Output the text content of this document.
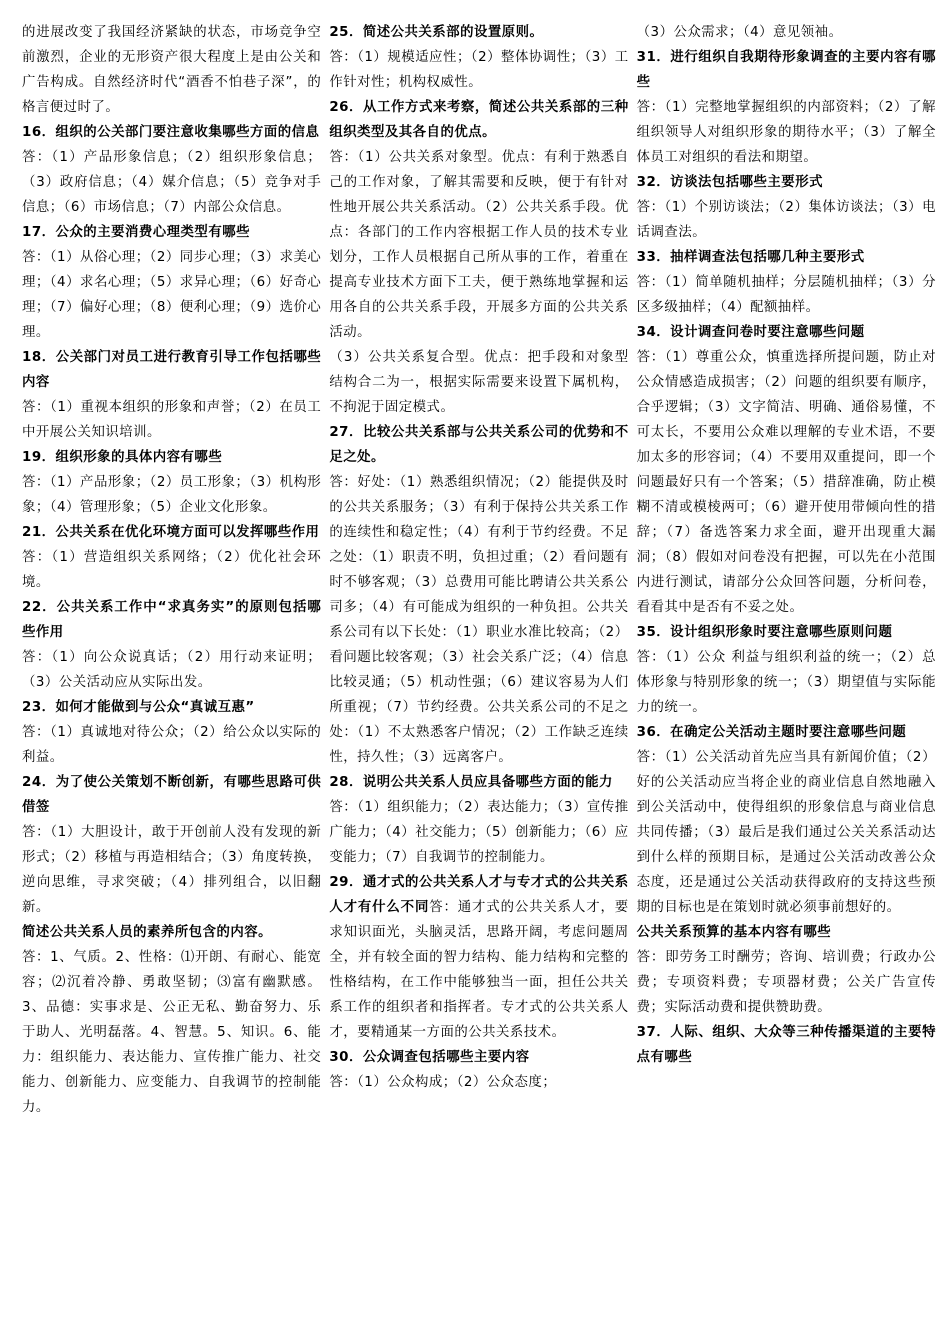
的进展改变了我国经济紧缺的状态，市场竞争空前激烈，企业的无形资产很大程度上是由公关和广告构成。自然经济时代“酒香不怕巷子深”，的格言便过时了。

16．组织的公关部门要注意收集哪些方面的信息

答：（1）产品形象信息；（2）组织形象信息；（3）政府信息；（4）媒介信息；（5）竞争对手信息；（6）市场信息；（7）内部公众信息。

17．公众的主要消费心理类型有哪些

答：（1）从俗心理；（2）同步心理；（3）求美心理；（4）求名心理；（5）求异心理；（6）好奇心理；（7）偏好心理；（8）便利心理；（9）选价心理。

18．公关部门对员工进行教育引导工作包括哪些内容

答：（1）重视本组织的形象和声誉；（2）在员工中开展公关知识培训。

19．组织形象的具体内容有哪些

答：（1）产品形象；（2）员工形象；（3）机构形象；（4）管理形象；（5）企业文化形象。

21．公共关系在优化环境方面可以发挥哪些作用

答：（1）营造组织关系网络；（2）优化社会环境。

22．公共关系工作中“求真务实”的原则包括哪些作用

答：（1）向公众说真话；（2）用行动来证明；（3）公关活动应从实际出发。

23．如何才能做到与公众“真诚互惠”

答：（1）真诚地对待公众；（2）给公众以实际的利益。

24．为了使公关策划不断创新，有哪些思路可供借签

答：（1）大胆设计，敢于开创前人没有发现的新形式；（2）移植与再造相结合；（3）角度转换，逆向思维，寻求突破；（4）排列组合，以旧翻新。

简述公共关系人员的素养所包含的内容。

答：1、气质。2、性格：⑴开朗、有耐心、能宽容；⑵沉着冷静、勇敢坚韧；⑶富有幽默感。3、品德：实事求是、公正无私、勤奋努力、乐于助人、光明磊落。4、智慧。5、知识。6、能力：组织能力、表达能力、宣传推广能力、社交能力、创新能力、应变能力、自我调节的控制能力。

25．简述公共关系部的设置原则。

答：（1）规模适应性；（2）整体协调性；（3）工作针对性；机构权威性。

26．从工作方式来考察，简述公共关系部的三种组织类型及其各自的优点。

答：（1）公共关系对象型。优点：有利于熟悉自己的工作对象，了解其需要和反映，便于有针对性地开展公共关系活动。（2）公共关系手段。优点：各部门的工作内容根据工作人员的技术专业划分，工作人员根据自己所从事的工作，着重在提高专业技术方面下工夫，便于熟练地掌握和运用各自的公共关系手段，开展多方面的公共关系活动。

（3）公共关系复合型。优点：把手段和对象型结构合二为一，根据实际需要来设置下属机构，不拘泥于固定模式。

27．比较公共关系部与公共关系公司的优势和不足之处。

答：好处：（1）熟悉组织情况；（2）能提供及时的公共关系服务；（3）有利于保持公共关系工作的连续性和稳定性；（4）有利于节约经费。不足之处：（1）职责不明，负担过重；（2）看问题有时不够客观；（3）总费用可能比聘请公共关系公司多；（4）有可能成为组织的一种负担。公共关系公司有以下长处：（1）职业水准比较高；（2）看问题比较客观；（3）社会关系广泛；（4）信息比较灵通；（5）机动性强；（6）建议容易为人们所重视；（7）节约经费。公共关系公司的不足之处：（1）不太熟悉客户情况；（2）工作缺乏连续性，持久性；（3）远离客户。

28．说明公共关系人员应具备哪些方面的能力

答：（1）组织能力；（2）表达能力；（3）宣传推广能力；（4）社交能力；（5）创新能力；（6）应变能力；（7）自我调节的控制能力。

29．通才式的公共关系人才与专才式的公共关系人才有什么不同答：通才式的公共关系人才，要求知识面光，头脑灵活，思路开阔，考虑问题周全，并有较全面的智力结构、能力结构和完整的性格结构，在工作中能够独当一面，担任公共关系工作的组织者和指挥者。专才式的公共关系人才，要精通某一方面的公共关系技术。

30．公众调查包括哪些主要内容

答：（1）公众构成；（2）公众态度；

（3）公众需求；（4）意见领袖。

31．进行组织自我期待形象调查的主要内容有哪些

答：（1）完整地掌握组织的内部资料；（2）了解组织领导人对组织形象的期待水平；（3）了解全体员工对组织的看法和期望。

32．访谈法包括哪些主要形式

答：（1）个别访谈法；（2）集体访谈法；（3）电话调查法。

33．抽样调查法包括哪几种主要形式

答：（1）简单随机抽样；分层随机抽样；（3）分区多级抽样；（4）配额抽样。

34．设计调查问卷时要注意哪些问题

答：（1）尊重公众，慎重选择所提问题，防止对公众情感造成损害；（2）问题的组织要有顺序，合乎逻辑；（3）文字简洁、明确、通俗易懂，不可太长，不要用公众难以理解的专业术语，不要加太多的形容词；（4）不要用双重提问，即一个问题最好只有一个答案；（5）措辞准确，防止模糊不清或模棱两可；（6）避开使用带倾向性的措辞；（7）备选答案力求全面，避开出现重大漏洞；（8）假如对问卷没有把握，可以先在小范围内进行测试，请部分公众回答问题，分析问卷，看看其中是否有不妥之处。

35．设计组织形象时要注意哪些原则问题

答：（1）公众 利益与组织利益的统一；（2）总体形象与特别形象的统一；（3）期望值与实际能力的统一。

36．在确定公关活动主题时要注意哪些问题

答：（1）公关活动首先应当具有新闻价值；（2）好的公关活动应当将企业的商业信息自然地融入到公关活动中，使得组织的形象信息与商业信息共同传播；（3）最后是我们通过公关关系活动达到什么样的预期目标，是通过公关活动改善公众态度，还是通过公关活动获得政府的支持这些预期的目标也是在策划时就必须事前想好的。

公共关系预算的基本内容有哪些

答：即劳务工时酬劳；咨询、培训费；行政办公费；专项资料费；专项器材费；公关广告宣传费；实际活动费和提供赞助费。

37．人际、组织、大众等三种传播渠道的主要特点有哪些
